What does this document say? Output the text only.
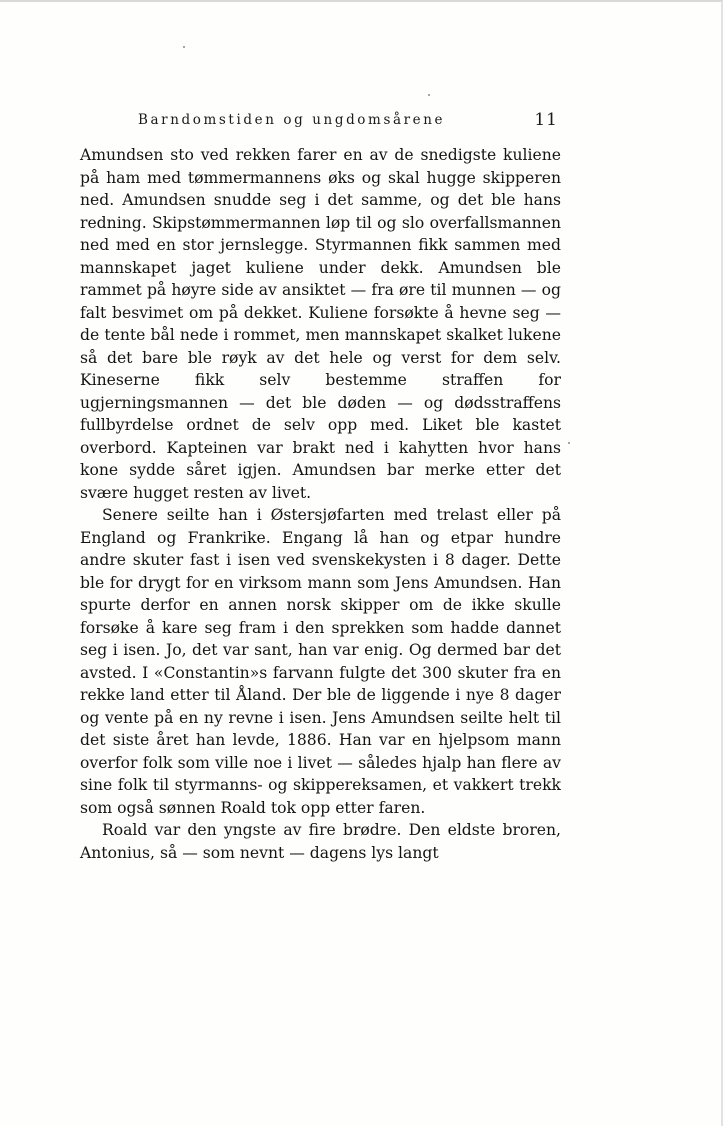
Barndomstiden og ungdomsårene	11

Amundsen sto ved rekken farer en av de snedigste kuliene på ham med tømmermannens øks og skal hugge skipperen ned. Amundsen snudde seg i det samme, og det ble hans redning. Skipstømmermannen løp til og slo overfallsmannen ned med en stor jernslegge. Styrmannen fikk sammen med mannskapet jaget kuliene under dekk. Amundsen ble rammet på høyre side av ansiktet — fra øre til munnen — og falt besvimet om på dekket. Kuliene forsøkte å hevne seg — de tente bål nede i rommet, men mannskapet skalket lukene så det bare ble røyk av det hele og verst for dem selv. Kineserne fikk selv bestemme straffen for ugjerningsmannen — det ble døden — og dødsstraffens fullbyrdelse ordnet de selv opp med. Liket ble kastet overbord. Kapteinen var brakt ned i kahytten hvor hans kone sydde såret igjen. Amundsen bar merke etter det svære hugget resten av livet.

Senere seilte han i Østersjøfarten med trelast eller på England og Frankrike. Engang lå han og etpar hundre andre skuter fast i isen ved svenskekysten i 8 dager. Dette ble for drygt for en virksom mann som Jens Amundsen. Han spurte derfor en annen norsk skipper om de ikke skulle forsøke å kare seg fram i den sprekken som hadde dannet seg i isen. Jo, det var sant, han var enig. Og dermed bar det avsted. I «Constantin»s farvann fulgte det 300 skuter fra en rekke land etter til Åland. Der ble de liggende i nye 8 dager og vente på en ny revne i isen. Jens Amundsen seilte helt til det siste året han levde, 1886. Han var en hjelpsom mann overfor folk som ville noe i livet — således hjalp han flere av sine folk til styrmanns- og skippereksamen, et vakkert trekk som også sønnen Roald tok opp etter faren.

Roald var den yngste av fire brødre. Den eldste broren, Antonius, så — som nevnt — dagens lys langt
